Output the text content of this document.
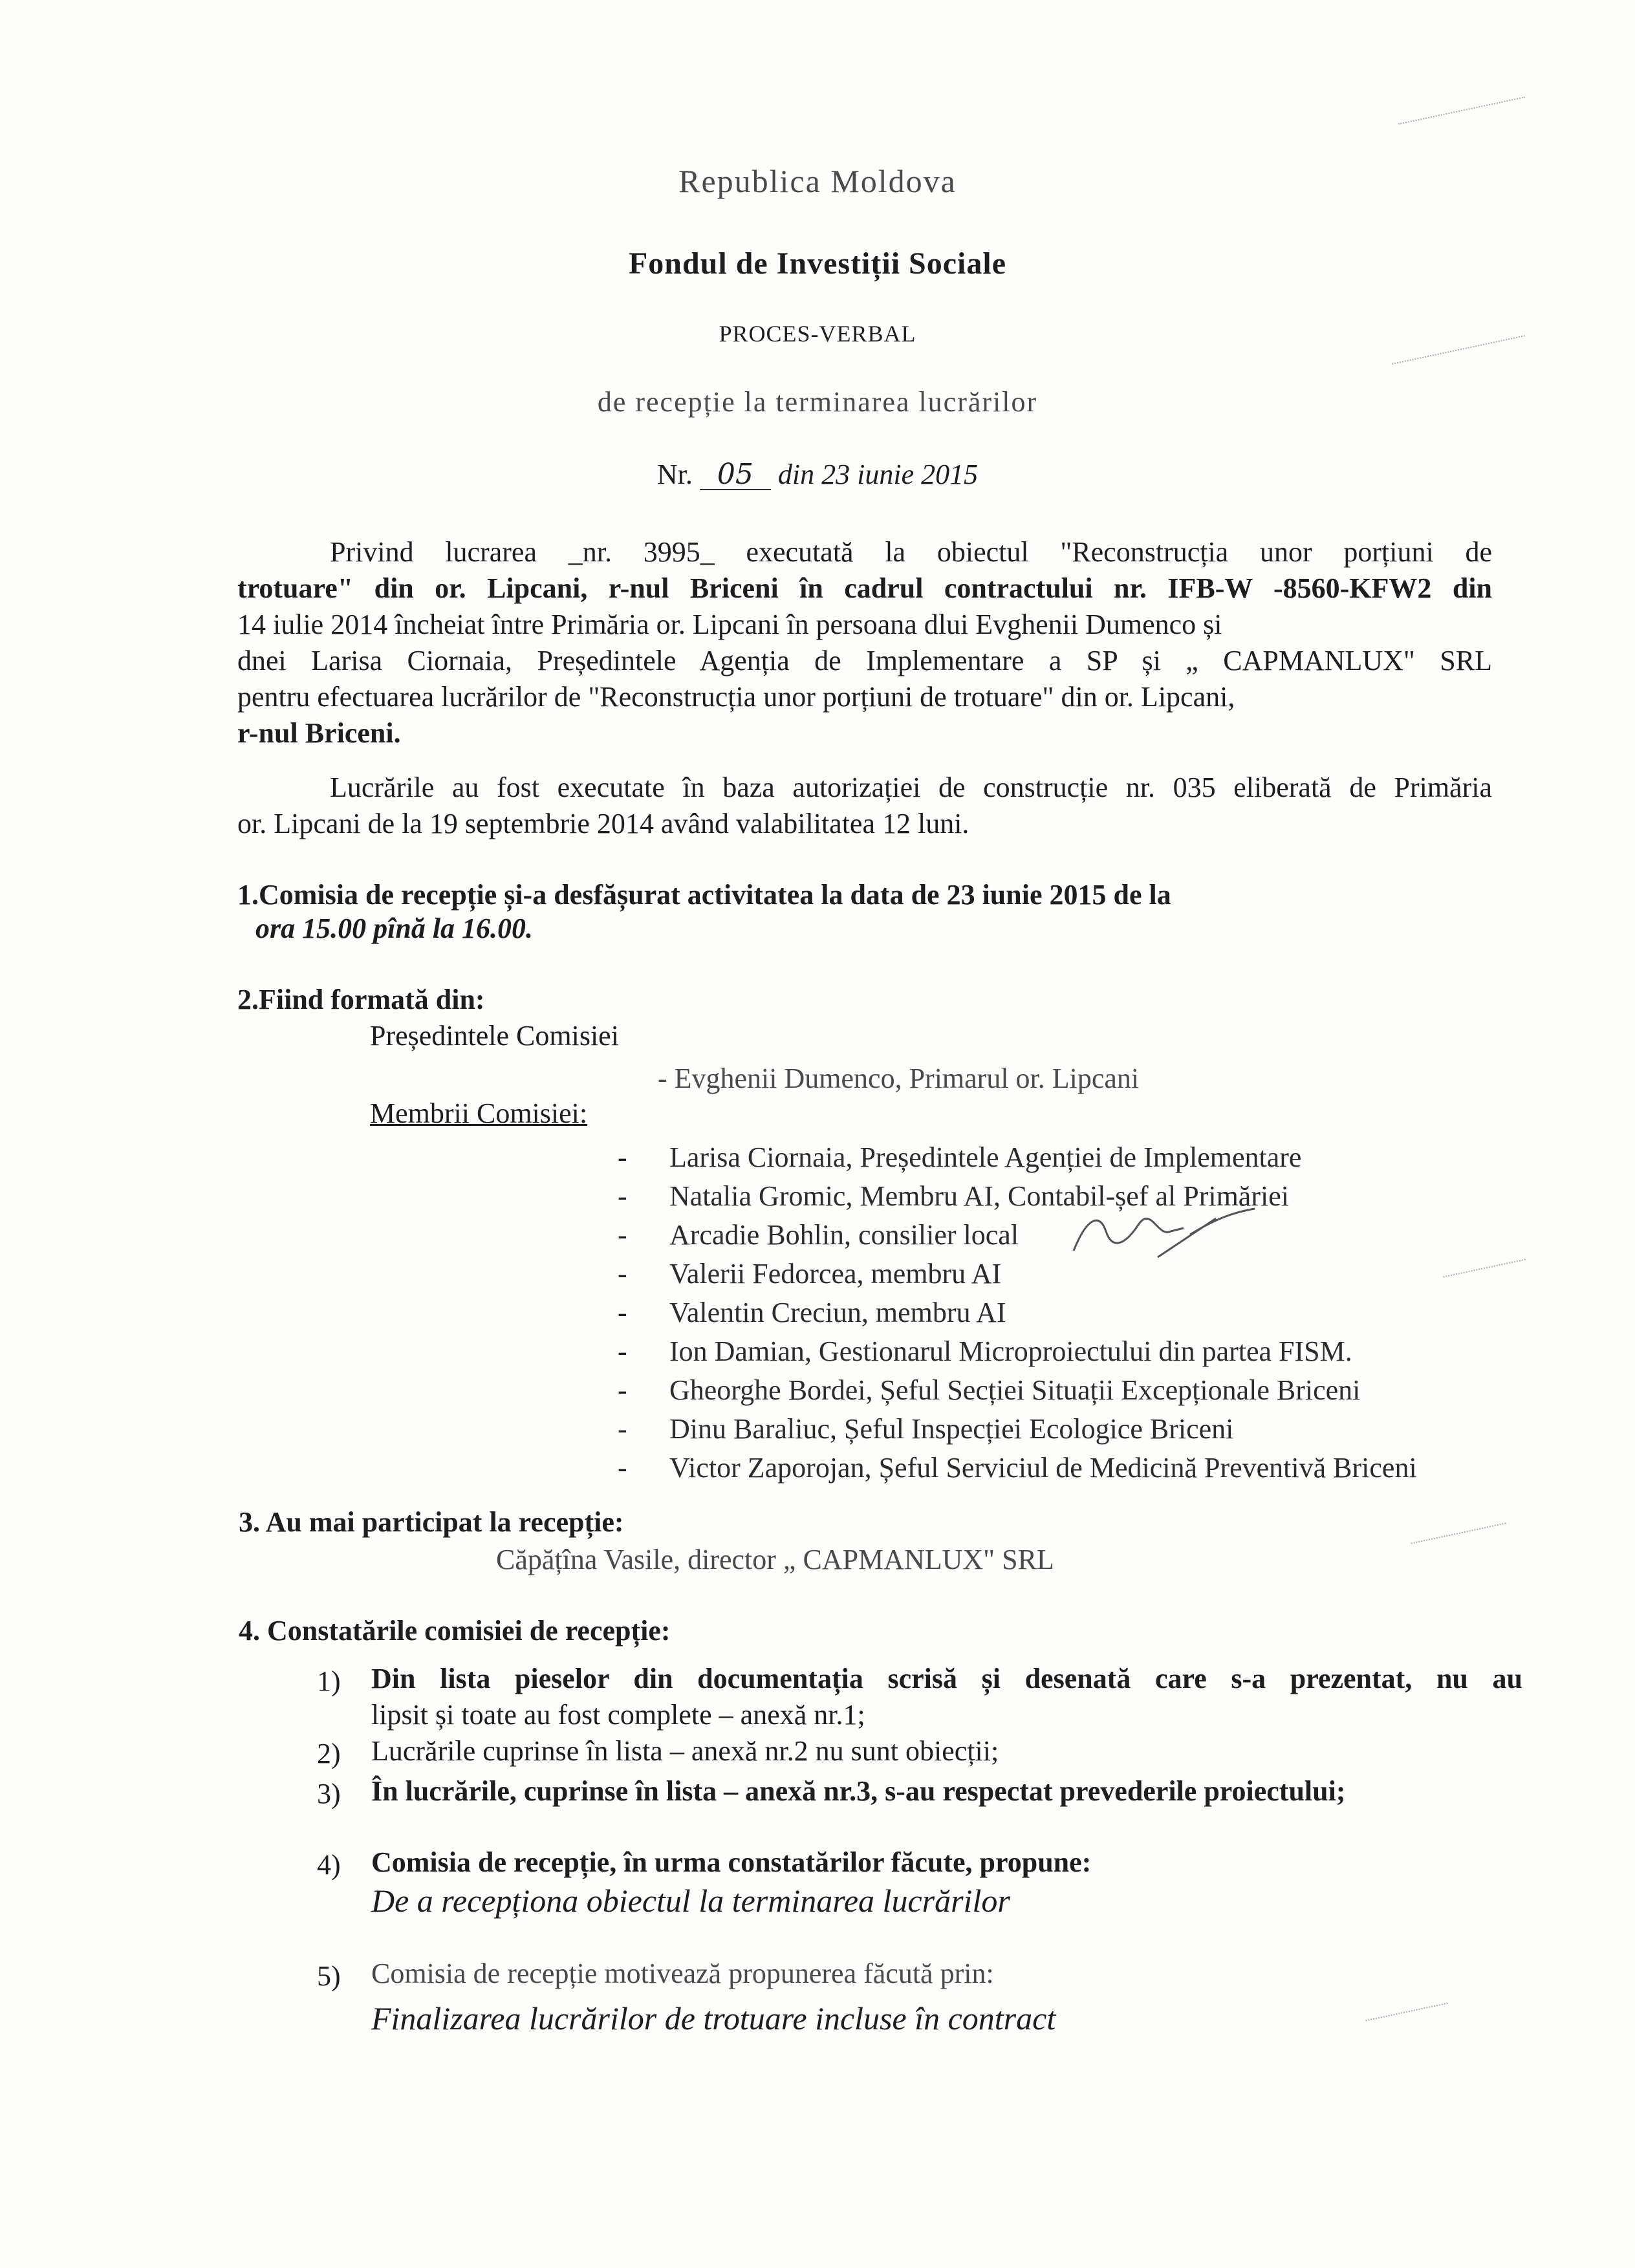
Republica Moldova
Fondul de Investiții Sociale
PROCES-VERBAL
de recepție la terminarea lucrărilor
Nr. 05 din 23 iunie 2015
Privind lucrarea _nr. 3995_ executată la obiectul "Reconstrucția unor porțiuni de
trotuare" din or. Lipcani, r-nul Briceni în cadrul contractului nr. IFB-W -8560-KFW2 din
14 iulie 2014 încheiat între Primăria or. Lipcani în persoana dlui Evghenii Dumenco și
dnei Larisa Ciornaia, Președintele Agenția de Implementare a SP și „ CAPMANLUX" SRL
pentru efectuarea lucrărilor de "Reconstrucția unor porțiuni de trotuare" din or. Lipcani,
r-nul Briceni.
Lucrările au fost executate în baza autorizației de construcție nr. 035 eliberată de Primăria
or. Lipcani de la 19 septembrie 2014 având valabilitatea 12 luni.
1.Comisia de recepție și-a desfășurat activitatea la data de 23 iunie 2015 de la
ora 15.00 pînă la 16.00.
2.Fiind formată din:
Președintele Comisiei
- Evghenii Dumenco, Primarul or. Lipcani
Membrii Comisiei:
- Larisa Ciornaia, Președintele Agenției de Implementare
- Natalia Gromic, Membru AI, Contabil-șef al Primăriei
- Arcadie Bohlin, consilier local
- Valerii Fedorcea, membru AI
- Valentin Creciun, membru AI
- Ion Damian, Gestionarul Microproiectului din partea FISM.
- Gheorghe Bordei, Șeful Secției Situații Excepționale Briceni
- Dinu Baraliuc, Șeful Inspecției Ecologice Briceni
- Victor Zaporojan, Șeful Serviciul de Medicină Preventivă Briceni
3. Au mai participat la recepție:
Căpățîna Vasile, director „ CAPMANLUX" SRL
4. Constatările comisiei de recepție:
1) Din lista pieselor din documentația scrisă și desenată care s-a prezentat, nu au
lipsit și toate au fost complete – anexă nr.1;
2) Lucrările cuprinse în lista – anexă nr.2 nu sunt obiecții;
3) În lucrările, cuprinse în lista – anexă nr.3, s-au respectat prevederile proiectului;
4) Comisia de recepție, în urma constatărilor făcute, propune:
De a recepționa obiectul la terminarea lucrărilor
5) Comisia de recepție motivează propunerea făcută prin:
Finalizarea lucrărilor de trotuare incluse în contract
